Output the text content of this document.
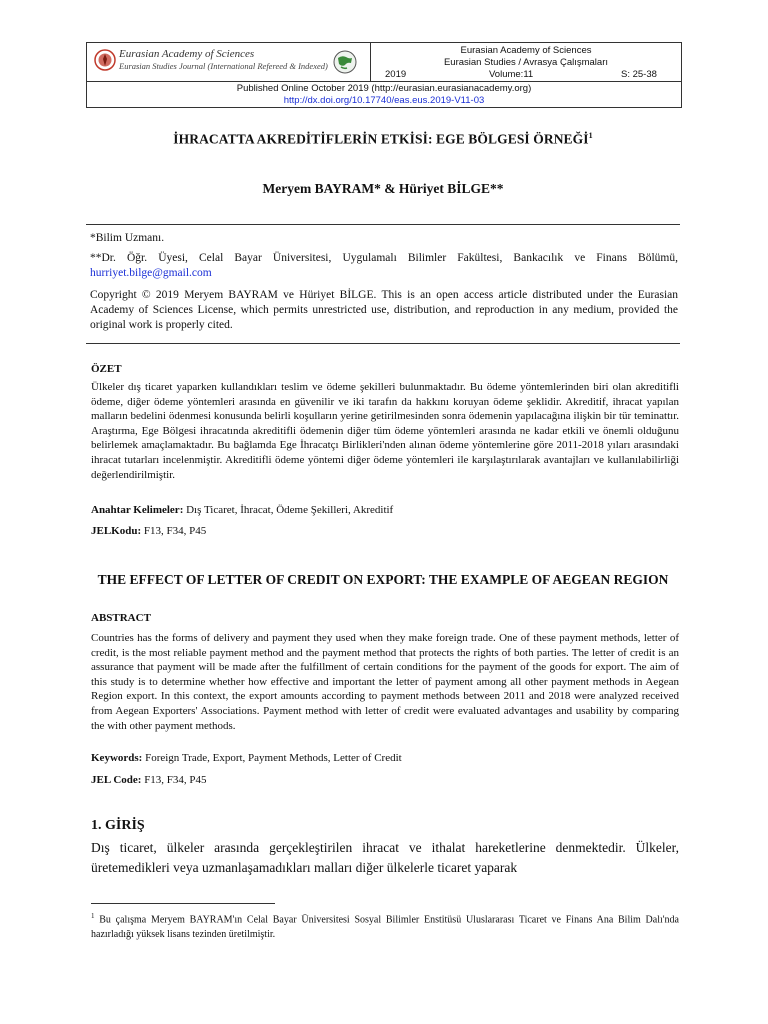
Eurasian Academy of Sciences
Eurasian Studies Journal (International Refereed & Indexed)
Eurasian Academy of Sciences
Eurasian Studies / Avrasya Çalışmaları
2019	Volume:11	S: 25-38
Published Online October 2019 (http://eurasian.eurasianacademy.org)
http://dx.doi.org/10.17740/eas.eus.2019-V11-03
İHRACATTA AKREDİTİFLERİN ETKİSİ: EGE BÖLGESİ ÖRNEĞİ$^1$
Meryem BAYRAM* & Hüriyet BİLGE**
*Bilim Uzmanı.
**Dr. Öğr. Üyesi, Celal Bayar Üniversitesi, Uygulamalı Bilimler Fakültesi, Bankacılık ve Finans Bölümü, hurriyet.bilge@gmail.com
Copyright © 2019 Meryem BAYRAM ve Hüriyet BİLGE. This is an open access article distributed under the Eurasian Academy of Sciences License, which permits unrestricted use, distribution, and reproduction in any medium, provided the original work is properly cited.
ÖZET
Ülkeler dış ticaret yaparken kullandıkları teslim ve ödeme şekilleri bulunmaktadır. Bu ödeme yöntemlerinden biri olan akreditifli ödeme, diğer ödeme yöntemleri arasında en güvenilir ve iki tarafın da hakkını koruyan ödeme şeklidir. Akreditif, ihracat yapılan malların bedelini ödenmesi konusunda belirli koşulların yerine getirilmesinden sonra ödemenin yapılacağına ilişkin bir tür teminattır. Araştırma, Ege Bölgesi ihracatında akreditifli ödemenin diğer tüm ödeme yöntemleri arasında ne kadar etkili ve önemli olduğunu belirlemek amaçlamaktadır. Bu bağlamda Ege İhracatçı Birlikleri'nden alınan ödeme yöntemlerine göre 2011-2018 yıları arasındaki ihracat tutarları incelenmiştir. Akreditifli ödeme yöntemi diğer ödeme yöntemleri ile karşılaştırılarak avantajları ve kullanılabilirliği değerlendirilmiştir.
Anahtar Kelimeler: Dış Ticaret, İhracat, Ödeme Şekilleri, Akreditif
JELKodu: F13, F34, P45
THE EFFECT OF LETTER OF CREDIT ON EXPORT: THE EXAMPLE OF AEGEAN REGION
ABSTRACT
Countries has the forms of delivery and payment they used when they make foreign trade. One of these payment methods, letter of credit, is the most reliable payment method and the payment method that protects the rights of both parties. The letter of credit is an assurance that payment will be made after the fulfillment of certain conditions for the payment of the goods for export. The aim of this study is to determine whether how effective and important the letter of payment among all other payment methods in Aegean Region export. In this context, the export amounts according to payment methods between 2011 and 2018 were analyzed received from Aegean Exporters' Associations. Payment method with letter of credit were evaluated advantages and usability by comparing the with other payment methods.
Keywords: Foreign Trade, Export, Payment Methods, Letter of Credit
JEL Code: F13, F34, P45
1. GİRİŞ
Dış ticaret, ülkeler arasında gerçekleştirilen ihracat ve ithalat hareketlerine denmektedir. Ülkeler, üretemedikleri veya uzmanlaşamadıkları malları diğer ülkelerle ticaret yaparak
$^1$ Bu çalışma Meryem BAYRAM'ın Celal Bayar Üniversitesi Sosyal Bilimler Enstitüsü Uluslararası Ticaret ve Finans Ana Bilim Dalı'nda hazırladığı yüksek lisans tezinden üretilmiştir.
